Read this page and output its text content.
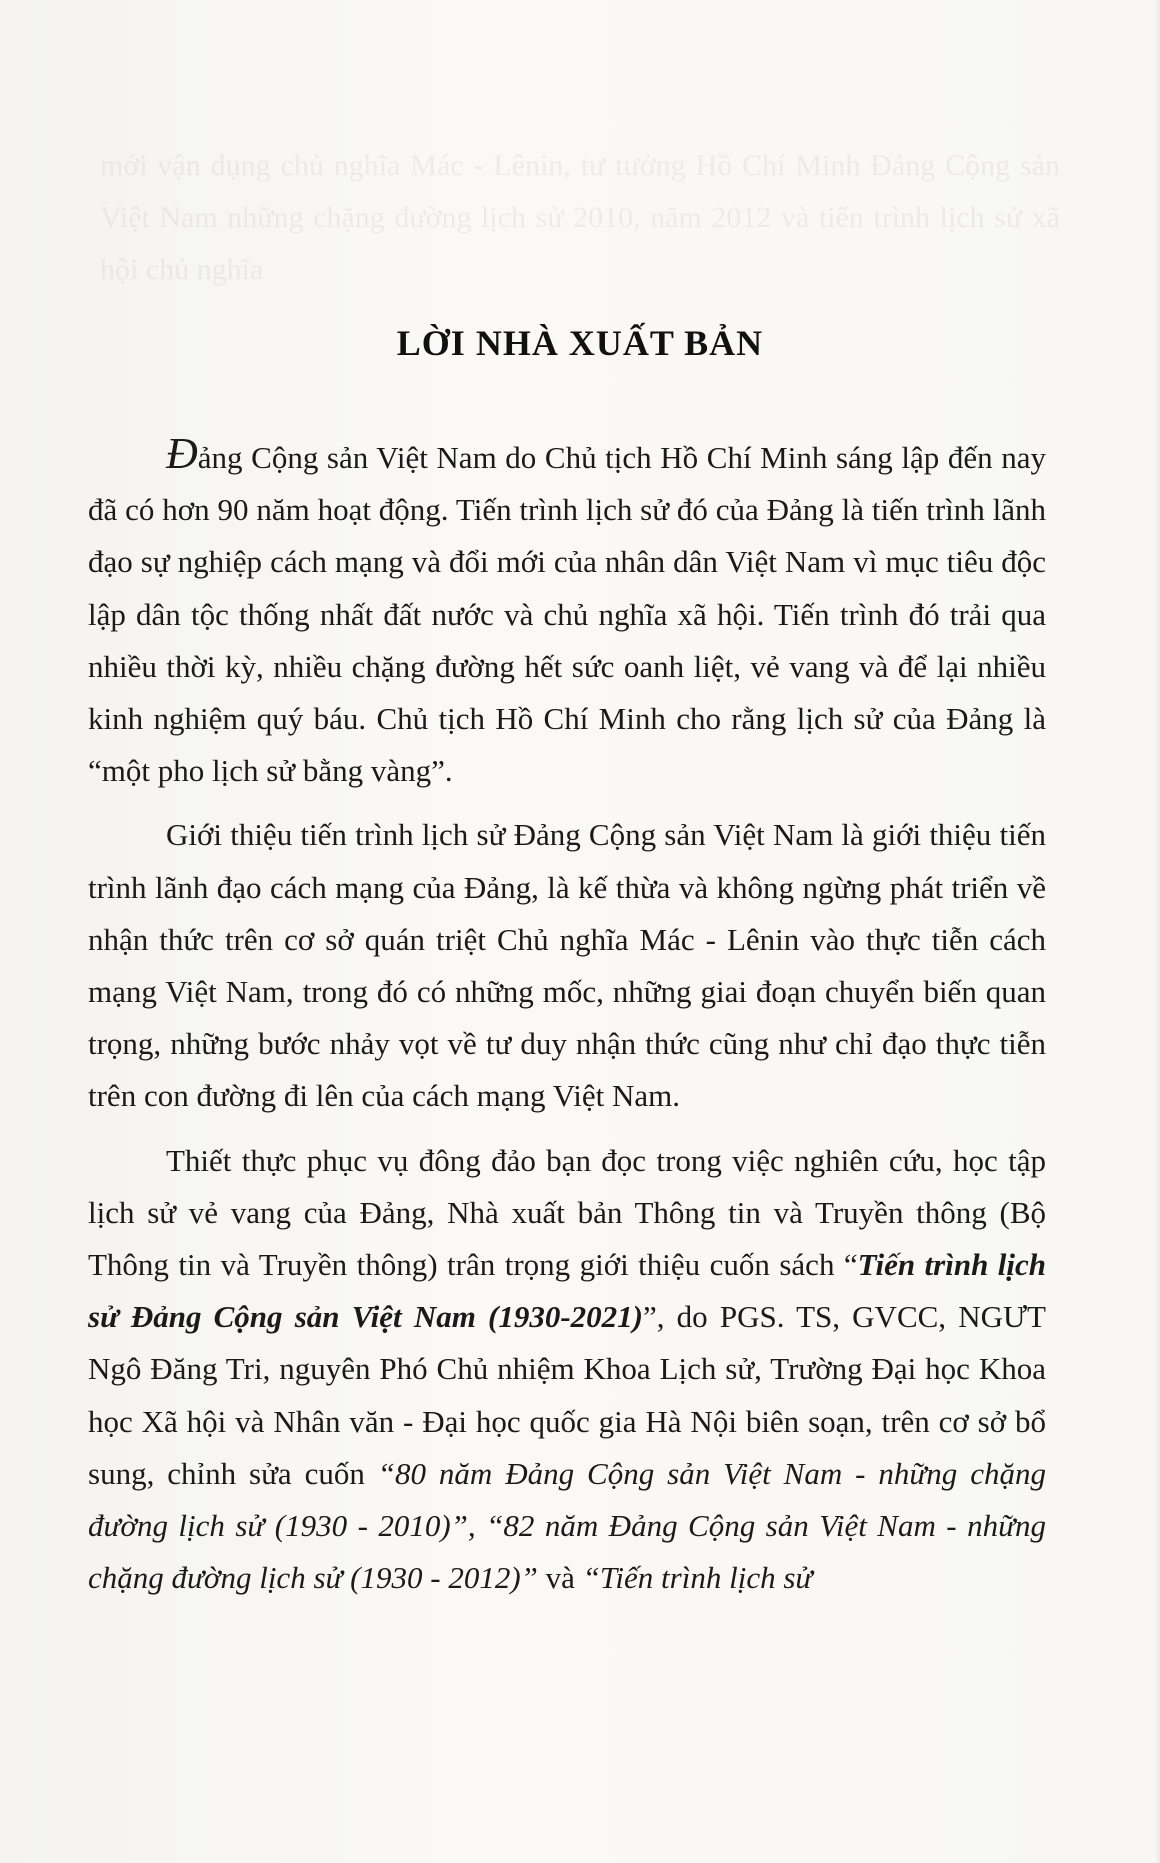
mới vận dụng chủ nghĩa Mác - Lênin, tư tưởng Hồ Chí Minh Đảng Cộng sản Việt Nam những chặng đường lịch sử 2010, năm 2012 và tiến trình lịch sử xã hội chủ nghĩa
LỜI NHÀ XUẤT BẢN

Đảng Cộng sản Việt Nam do Chủ tịch Hồ Chí Minh sáng lập đến nay đã có hơn 90 năm hoạt động. Tiến trình lịch sử đó của Đảng là tiến trình lãnh đạo sự nghiệp cách mạng và đổi mới của nhân dân Việt Nam vì mục tiêu độc lập dân tộc thống nhất đất nước và chủ nghĩa xã hội. Tiến trình đó trải qua nhiều thời kỳ, nhiều chặng đường hết sức oanh liệt, vẻ vang và để lại nhiều kinh nghiệm quý báu. Chủ tịch Hồ Chí Minh cho rằng lịch sử của Đảng là “một pho lịch sử bằng vàng”.

Giới thiệu tiến trình lịch sử Đảng Cộng sản Việt Nam là giới thiệu tiến trình lãnh đạo cách mạng của Đảng, là kế thừa và không ngừng phát triển về nhận thức trên cơ sở quán triệt Chủ nghĩa Mác - Lênin vào thực tiễn cách mạng Việt Nam, trong đó có những mốc, những giai đoạn chuyển biến quan trọng, những bước nhảy vọt về tư duy nhận thức cũng như chỉ đạo thực tiễn trên con đường đi lên của cách mạng Việt Nam.

Thiết thực phục vụ đông đảo bạn đọc trong việc nghiên cứu, học tập lịch sử vẻ vang của Đảng, Nhà xuất bản Thông tin và Truyền thông (Bộ Thông tin và Truyền thông) trân trọng giới thiệu cuốn sách “Tiến trình lịch sử Đảng Cộng sản Việt Nam (1930-2021)”, do PGS. TS, GVCC, NGƯT Ngô Đăng Tri, nguyên Phó Chủ nhiệm Khoa Lịch sử, Trường Đại học Khoa học Xã hội và Nhân văn - Đại học quốc gia Hà Nội biên soạn, trên cơ sở bổ sung, chỉnh sửa cuốn “80 năm Đảng Cộng sản Việt Nam - những chặng đường lịch sử (1930 - 2010)”, “82 năm Đảng Cộng sản Việt Nam - những chặng đường lịch sử (1930 - 2012)” và “Tiến trình lịch sử
